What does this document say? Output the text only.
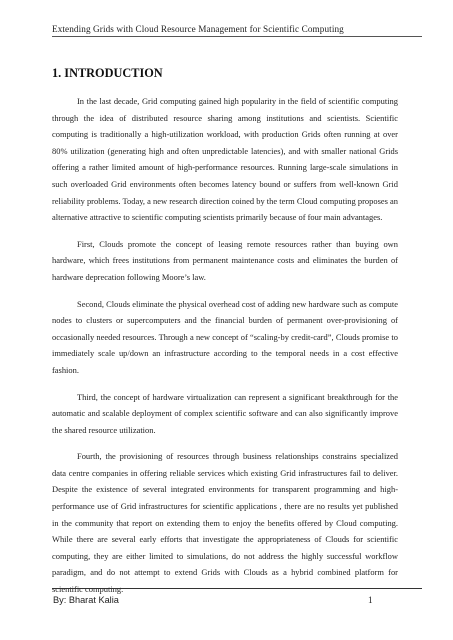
Extending Grids with Cloud Resource Management for Scientific Computing
1. INTRODUCTION

In the last decade, Grid computing gained high popularity in the field of scientific computing through the idea of distributed resource sharing among institutions and scientists. Scientific computing is traditionally a high-utilization workload, with production Grids often running at over 80% utilization (generating high and often unpredictable latencies), and with smaller national Grids offering a rather limited amount of high-performance resources. Running large-scale simulations in such overloaded Grid environments often becomes latency bound or suffers from well-known Grid reliability problems. Today, a new research direction coined by the term Cloud computing proposes an alternative attractive to scientific computing scientists primarily because of four main advantages.

First, Clouds promote the concept of leasing remote resources rather than buying own hardware, which frees institutions from permanent maintenance costs and eliminates the burden of hardware deprecation following Moore’s law.

Second, Clouds eliminate the physical overhead cost of adding new hardware such as compute nodes to clusters or supercomputers and the financial burden of permanent over-provisioning of occasionally needed resources. Through a new concept of “scaling-by credit-card”, Clouds promise to immediately scale up/down an infrastructure according to the temporal needs in a cost effective fashion.

Third, the concept of hardware virtualization can represent a significant breakthrough for the automatic and scalable deployment of complex scientific software and can also significantly improve the shared resource utilization.

Fourth, the provisioning of resources through business relationships constrains specialized data centre companies in offering reliable services which existing Grid infrastructures fail to deliver. Despite the existence of several integrated environments for transparent programming and high-performance use of Grid infrastructures for scientific applications , there are no results yet published in the community that report on extending them to enjoy the benefits offered by Cloud computing. While there are several early efforts that investigate the appropriateness of Clouds for scientific computing, they are either limited to simulations, do not address the highly successful workflow paradigm, and do not attempt to extend Grids with Clouds as a hybrid combined platform for scientific computing.

By: Bharat Kalia	1
